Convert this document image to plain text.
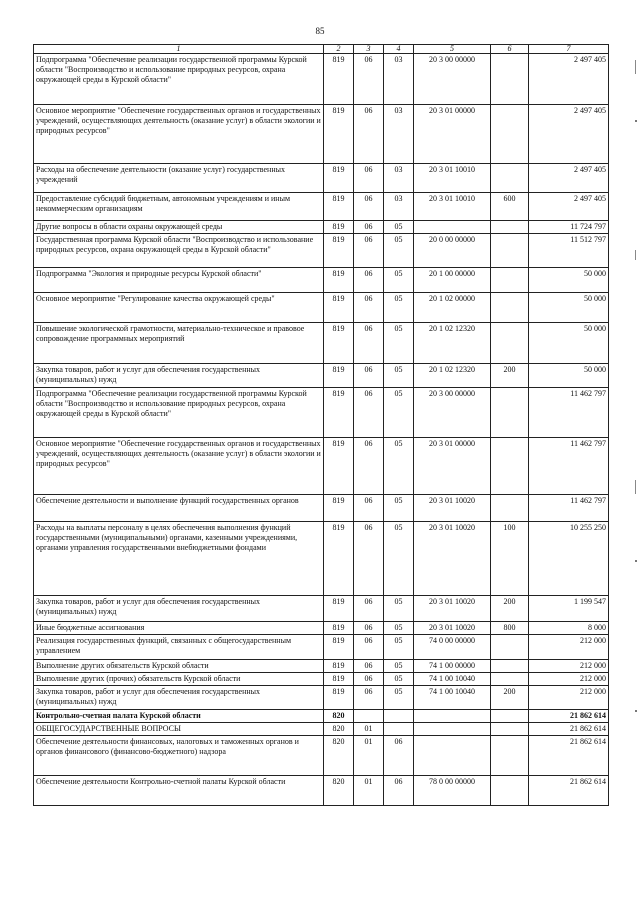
85
1	2	3	4	5	6	7
Подпрограмма "Обеспечение реализации государственной программы Курской области "Воспроизводство и использование природных ресурсов, охрана окружающей среды в Курской области"	819	06	03	20 3 00 00000		2 497 405
Основное мероприятие "Обеспечение государственных органов и государственных учреждений, осуществляющих деятельность (оказание услуг) в области экологии и природных ресурсов"	819	06	03	20 3 01 00000		2 497 405
Расходы на обеспечение деятельности (оказание услуг) государственных учреждений	819	06	03	20 3 01 10010		2 497 405
Предоставление субсидий бюджетным, автономным учреждениям и иным некоммерческим организациям	819	06	03	20 3 01 10010	600	2 497 405
Другие вопросы в области охраны окружающей среды	819	06	05			11 724 797
Государственная программа Курской области "Воспроизводство и использование природных ресурсов, охрана окружающей среды в Курской области"	819	06	05	20 0 00 00000		11 512 797
Подпрограмма "Экология и природные ресурсы Курской области"	819	06	05	20 1 00 00000		50 000
Основное мероприятие "Регулирование качества окружающей среды"	819	06	05	20 1 02 00000		50 000
Повышение экологической грамотности, материально-техническое и правовое сопровождение программных мероприятий	819	06	05	20 1 02 12320		50 000
Закупка товаров, работ и услуг для обеспечения государственных (муниципальных) нужд	819	06	05	20 1 02 12320	200	50 000
Подпрограмма "Обеспечение реализации государственной программы Курской области "Воспроизводство и использование природных ресурсов, охрана окружающей среды в Курской области"	819	06	05	20 3 00 00000		11 462 797
Основное мероприятие "Обеспечение государственных органов и государственных учреждений, осуществляющих деятельность (оказание услуг) в области экологии и природных ресурсов"	819	06	05	20 3 01 00000		11 462 797
Обеспечение деятельности и выполнение функций государственных органов	819	06	05	20 3 01 10020		11 462 797
Расходы на выплаты персоналу в целях обеспечения выполнения функций государственными (муниципальными) органами, казенными учреждениями, органами управления государственными внебюджетными фондами	819	06	05	20 3 01 10020	100	10 255 250
Закупка товаров, работ и услуг для обеспечения государственных (муниципальных) нужд	819	06	05	20 3 01 10020	200	1 199 547
Иные бюджетные ассигнования	819	06	05	20 3 01 10020	800	8 000
Реализация государственных функций, связанных с общегосударственным управлением	819	06	05	74 0 00 00000		212 000
Выполнение других обязательств Курской области	819	06	05	74 1 00 00000		212 000
Выполнение других (прочих) обязательств Курской области	819	06	05	74 1 00 10040		212 000
Закупка товаров, работ и услуг для обеспечения государственных (муниципальных) нужд	819	06	05	74 1 00 10040	200	212 000
Контрольно-счетная палата Курской области	820					21 862 614
ОБЩЕГОСУДАРСТВЕННЫЕ ВОПРОСЫ	820	01				21 862 614
Обеспечение деятельности финансовых, налоговых и таможенных органов и органов финансового (финансово-бюджетного) надзора	820	01	06			21 862 614
Обеспечение деятельности Контрольно-счетной палаты Курской области	820	01	06	78 0 00 00000		21 862 614
